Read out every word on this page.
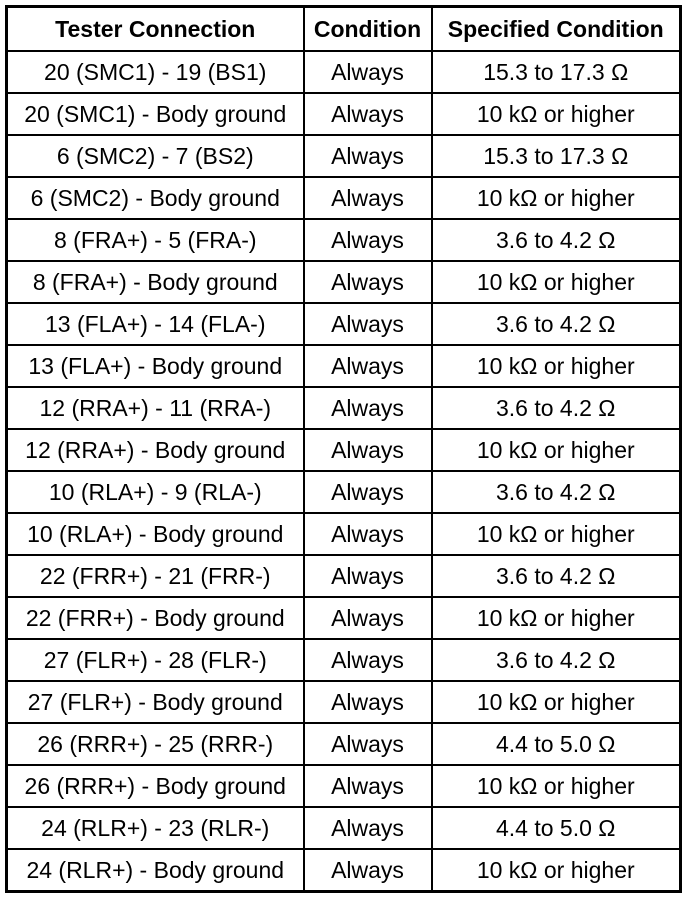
Tester Connection	Condition	Specified Condition
20 (SMC1) - 19 (BS1)	Always	15.3 to 17.3 Ω
20 (SMC1) - Body ground	Always	10 kΩ or higher
6 (SMC2) - 7 (BS2)	Always	15.3 to 17.3 Ω
6 (SMC2) - Body ground	Always	10 kΩ or higher
8 (FRA+) - 5 (FRA-)	Always	3.6 to 4.2 Ω
8 (FRA+) - Body ground	Always	10 kΩ or higher
13 (FLA+) - 14 (FLA-)	Always	3.6 to 4.2 Ω
13 (FLA+) - Body ground	Always	10 kΩ or higher
12 (RRA+) - 11 (RRA-)	Always	3.6 to 4.2 Ω
12 (RRA+) - Body ground	Always	10 kΩ or higher
10 (RLA+) - 9 (RLA-)	Always	3.6 to 4.2 Ω
10 (RLA+) - Body ground	Always	10 kΩ or higher
22 (FRR+) - 21 (FRR-)	Always	3.6 to 4.2 Ω
22 (FRR+) - Body ground	Always	10 kΩ or higher
27 (FLR+) - 28 (FLR-)	Always	3.6 to 4.2 Ω
27 (FLR+) - Body ground	Always	10 kΩ or higher
26 (RRR+) - 25 (RRR-)	Always	4.4 to 5.0 Ω
26 (RRR+) - Body ground	Always	10 kΩ or higher
24 (RLR+) - 23 (RLR-)	Always	4.4 to 5.0 Ω
24 (RLR+) - Body ground	Always	10 kΩ or higher
